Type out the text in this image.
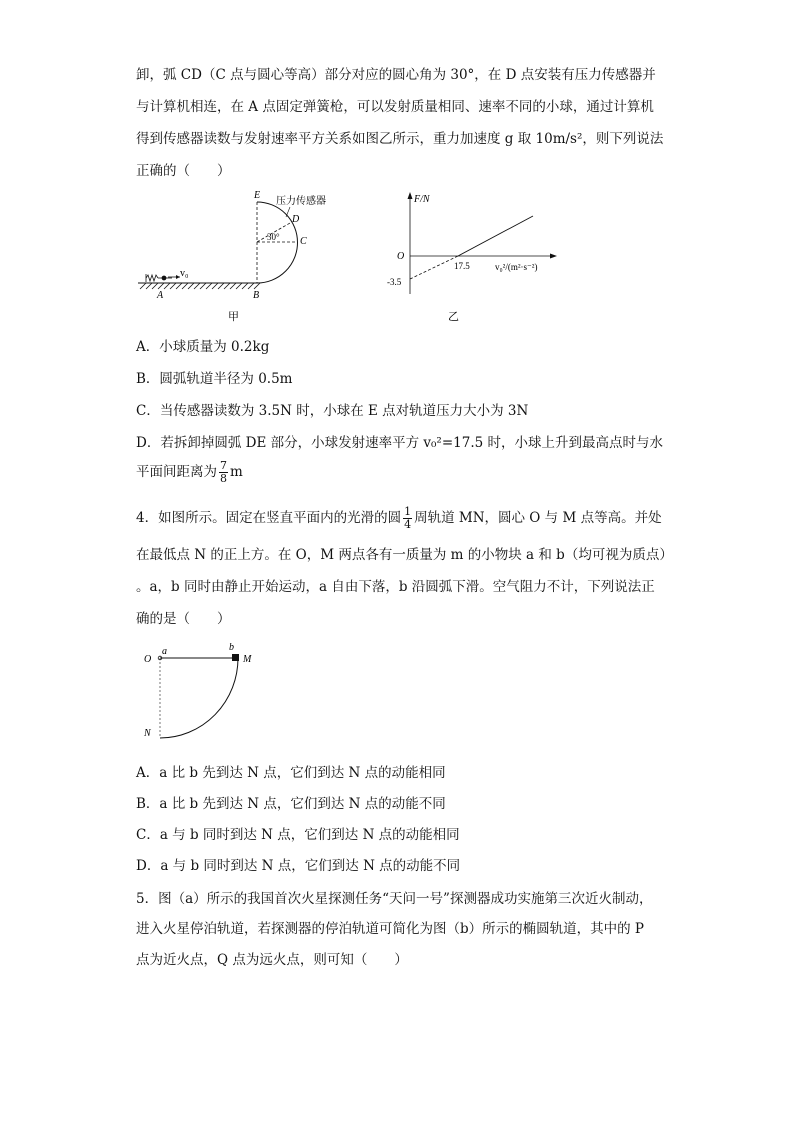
卸，弧 CD（C 点与圆心等高）部分对应的圆心角为 30°，在 D 点安装有压力传感器并
与计算机相连，在 A 点固定弹簧枪，可以发射质量相同、速率不同的小球，通过计算机
得到传感器读数与发射速率平方关系如图乙所示，重力加速度 g 取 10m/s²，则下列说法
正确的（　　）
v₀
A	B
E
D
C
30°
压力传感器
甲
F/N
O
17.5
-3.5
v₀²/(m²·s⁻²)
乙
A．小球质量为 0.2kg
B．圆弧轨道半径为 0.5m
C．当传感器读数为 3.5N 时，小球在 E 点对轨道压力大小为 3N
D．若拆卸掉圆弧 DE 部分，小球发射速率平方 v₀²=17.5 时，小球上升到最高点时与水
平面间距离为 $\frac{7}{8}$ m
4．如图所示。固定在竖直平面内的光滑的圆 $\frac{1}{4}$ 周轨道 MN，圆心 O 与 M 点等高。并处
在最低点 N 的正上方。在 O，M 两点各有一质量为 m 的小物块 a 和 b（均可视为质点）
。a，b 同时由静止开始运动，a 自由下落，b 沿圆弧下滑。空气阻力不计，下列说法正
确的是（　　）
O
a	b
M
N
A．a 比 b 先到达 N 点，它们到达 N 点的动能相同
B．a 比 b 先到达 N 点，它们到达 N 点的动能不同
C．a 与 b 同时到达 N 点，它们到达 N 点的动能相同
D．a 与 b 同时到达 N 点，它们到达 N 点的动能不同
5．图（a）所示的我国首次火星探测任务“天问一号”探测器成功实施第三次近火制动，
进入火星停泊轨道，若探测器的停泊轨道可简化为图（b）所示的椭圆轨道，其中的 P
点为近火点，Q 点为远火点，则可知（　　）
